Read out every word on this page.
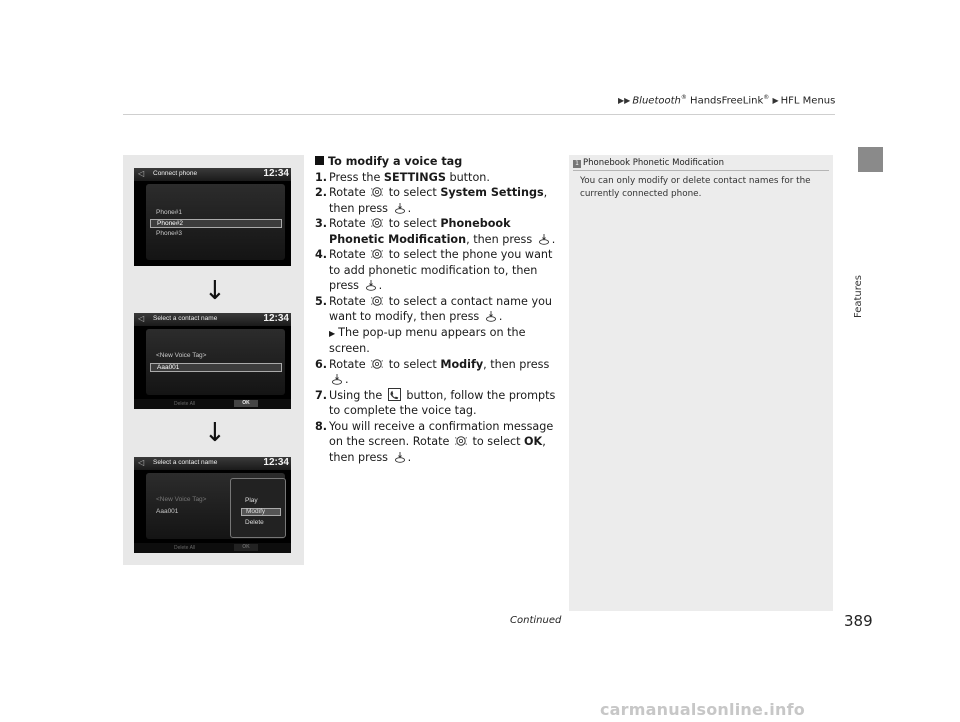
▶▶ Bluetooth® HandsFreeLink® ▶ HFL Menus
Features
◁ Connect phone	12:34
Phone#1
Phone#2
Phone#3
↓
◁ Select a contact name	12:34
<New Voice Tag>
Aaa001
Delete All	OK
↓
◁ Select a contact name	12:34
<New Voice Tag>
Aaa001
Play
Modify
Delete
Delete All	OK
To modify a voice tag
1. Press the SETTINGS button.
2. Rotate  to select System Settings, then press .
3. Rotate  to select Phonebook Phonetic Modification, then press .
4. Rotate  to select the phone you want to add phonetic modification to, then press .
5. Rotate  to select a contact name you want to modify, then press .
▶ The pop-up menu appears on the screen.
6. Rotate  to select Modify, then press .
7. Using the  button, follow the prompts to complete the voice tag.
8. You will receive a confirmation message on the screen. Rotate  to select OK, then press .
1 Phonebook Phonetic Modification
You can only modify or delete contact names for the currently connected phone.
Continued	389
carmanualsonline.info
